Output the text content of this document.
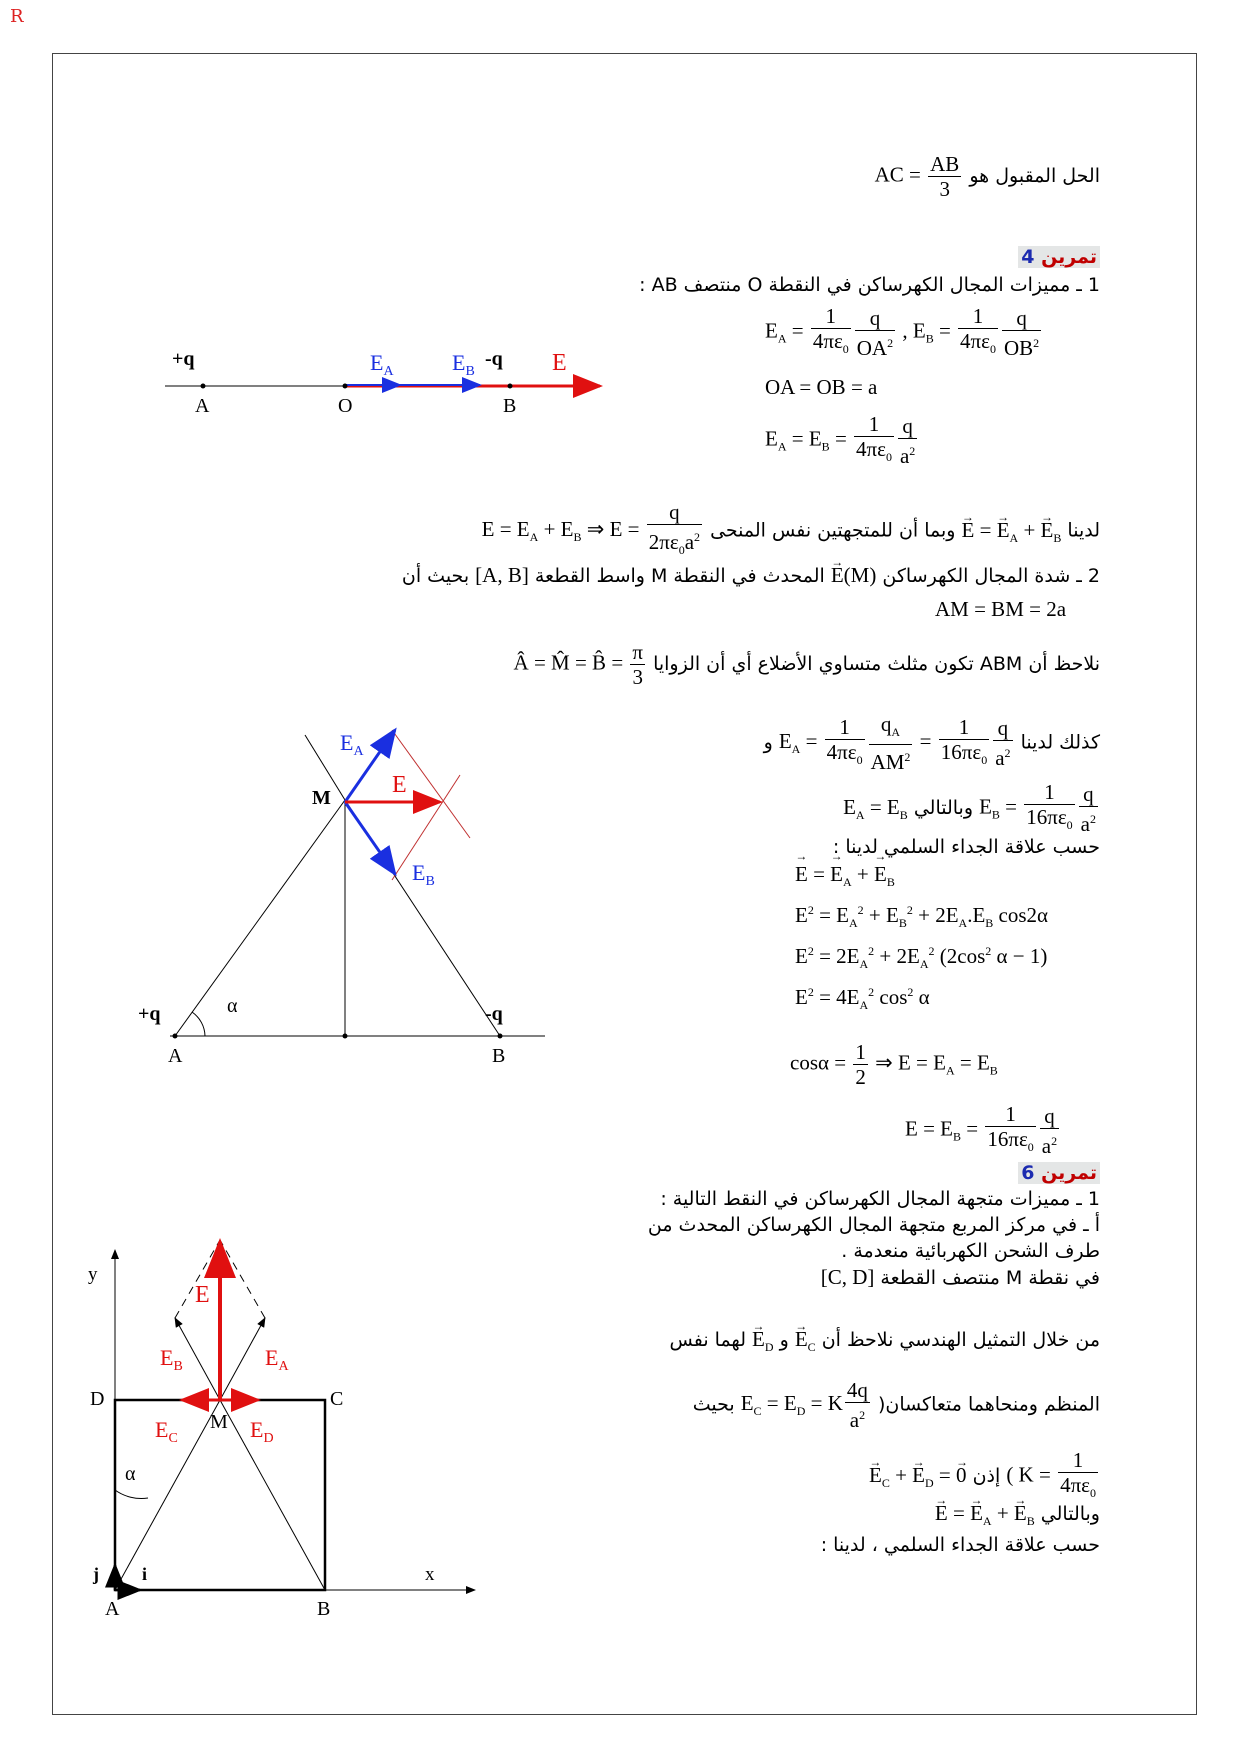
R
الحل المقبول هو AC = $\frac{AB}{3}$
تمرين 4
1 ـ مميزات المجال الكهرساكن في النقطة O منتصف AB :
$E_A = \frac{1}{4\pi\varepsilon_0} \frac{q}{OA^2}$ , $E_B = \frac{1}{4\pi\varepsilon_0} \frac{q}{OB^2}$
OA = OB = a
$E_A = E_B = \frac{1}{4\pi\varepsilon_0} \frac{q}{a^2}$
لدينا → E = → $E_A$ + → $E_B$ وبما أن للمتجهتين نفس المنحى $E = E_A + E_B$ ⇒ $E = \frac{q}{2\pi\varepsilon_0a^2}$
2 ـ شدة المجال الكهرساكن → E(M) المحدث في النقطة M واسط القطعة [A, B] بحيث أن
AM = BM = 2a
نلاحظ أن ABM تكون مثلث متساوي الأضلاع أي أن الزوايا Â = M̂ = B̂ = $\frac{\pi}{3}$
كذلك لدينا $E_A = \frac{1}{4\pi\varepsilon_0} \frac{q_A}{AM^2} = \frac{1}{16\pi\varepsilon_0} \frac{q}{a^2}$
و
$E_B = \frac{1}{16\pi\varepsilon_0} \frac{q}{a^2}$
وبالتالي $E_A = E_B$
حسب علاقة الجداء السلمي لدينا :
→ E = → $E_A$ + → $E_B$
$E^2 = E_A^2 + E_B^2 + 2E_A.E_B$ cos2α
$E^2 = 2E_A^2 + 2E_A^2$ ($2\cos^2$ α − 1)
$E^2 = 4E_A^2$ $\cos^2 \alpha$
$\cos\alpha = \frac{1}{2}$ ⇒ $E = E_A = E_B$
$E = E_B = \frac{1}{16\pi\varepsilon_0} \frac{q}{a^2}$
تمرين 6
1 ـ مميزات متجهة المجال الكهرساكن في النقط التالية :
أ ـ في مركز المربع متجهة المجال الكهرساكن المحدث من
طرف الشحن الكهربائية منعدمة .
في نقطة M منتصف القطعة [C, D]
من خلال التمثيل الهندسي نلاحظ أن → $E_C$ و → $E_D$ لهما نفس
المنظم ومنحاهما متعاكسان( $E_C = E_D = K \frac{4q}{a^2}$
بحيث
( $K = \frac{1}{4\pi\varepsilon_0}$
إذن → $E_C$ + → $E_D$ = → 0
وبالتالي → E = → $E_A$ + → $E_B$
حسب علاقة الجداء السلمي ، لدينا :
+q
A	O	B
-q
$E_A$	$E_B$	E
α
+q	-q
A	B
M
$E_A$
$E_B$
E
α
y
x
A	B
C
D
M
i
j
E
$E_A$
$E_B$
$E_C$	$E_D$
